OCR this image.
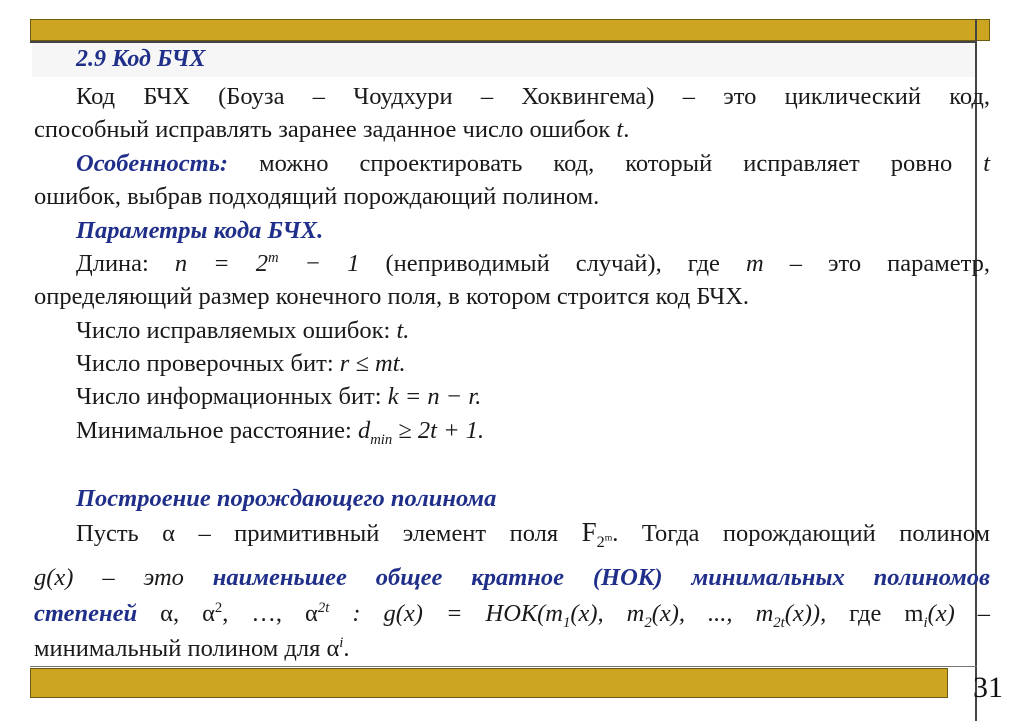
31
2.9 Код БЧХ
Код БЧХ (Боуза – Чоудхури – Хоквингема) – это циклический код,
способный исправлять заранее заданное число ошибок t.
Особенность: можно спроектировать код, который исправляет ровно t
ошибок, выбрав подходящий порождающий полином.
Параметры кода БЧХ.
Длина: $n = 2^m - 1$ (неприводимый случай), где m – это параметр,
определяющий размер конечного поля, в котором строится код БЧХ.
Число исправляемых ошибок: t.
Число проверочных бит: r ≤ mt.
Число информационных бит: k = n − r.
Минимальное расстояние: $d_{min} \ge 2t + 1$.
Построение порождающего полинома
Пусть α – примитивный элемент поля $F_{2^m}$. Тогда порождающий полином
g(x) – это наименьшее общее кратное (НОК) минимальных полиномов
степеней α, $\alpha^2$, …, $\alpha^{2t}$ : $g(x) = НОК(m_1(x)$, $m_2(x)$, ..., $m_{2t}(x)$), где $m_i(x)$ –
минимальный полином для $\alpha^i$.
